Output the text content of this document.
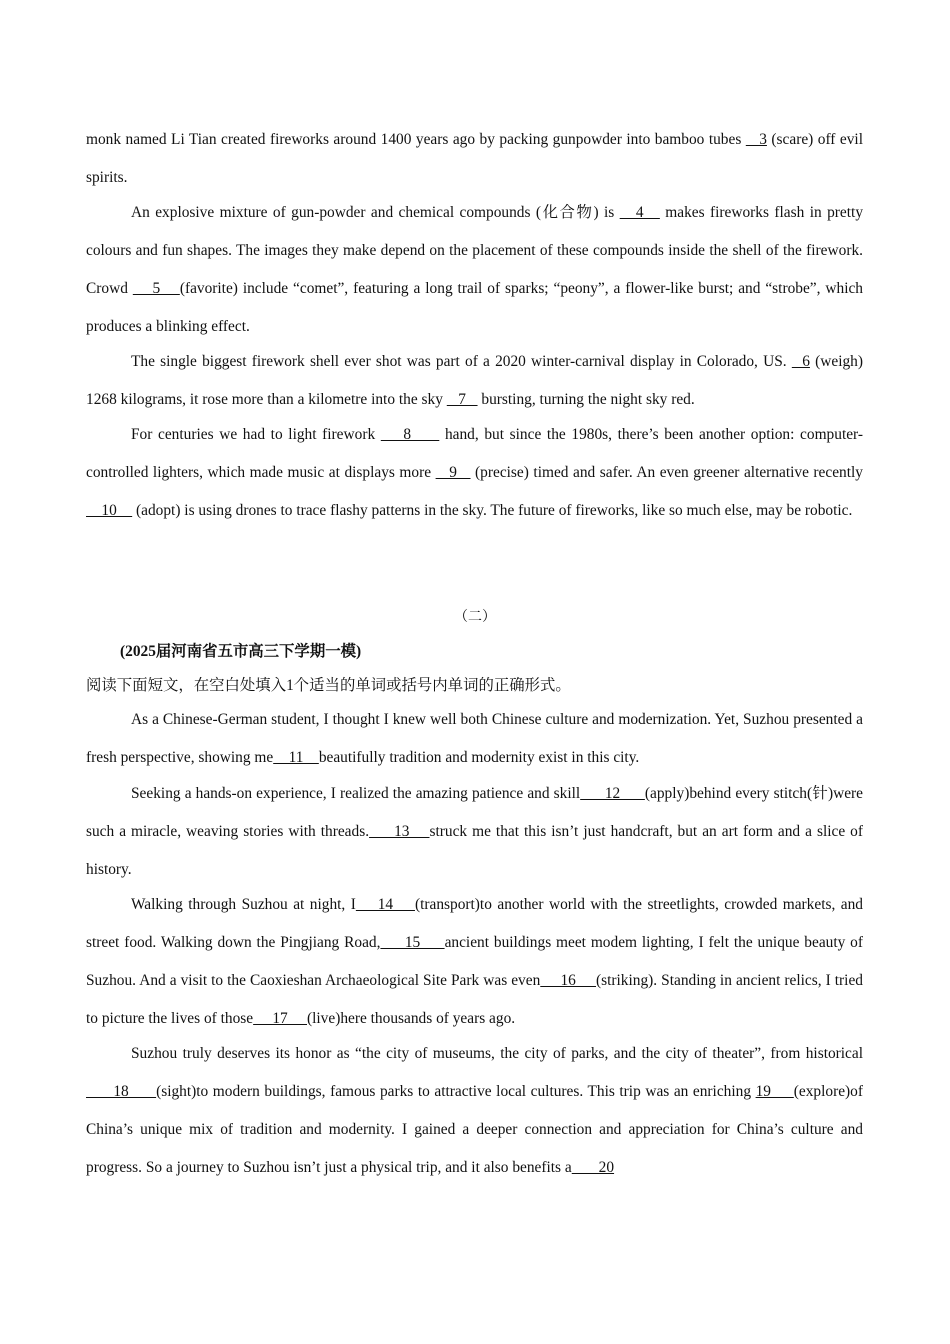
monk named Li Tian created fireworks around 1400 years ago by packing gunpowder into bamboo tubes    3 (scare) off evil spirits.

An explosive mixture of gun-powder and chemical compounds (化合物) is    4    makes fireworks flash in pretty colours and fun shapes. The images they make depend on the placement of these compounds inside the shell of the firework. Crowd     5    (favorite) include “comet”, featuring a long trail of sparks; “peony”, a flower-like burst; and “strobe”, which produces a blinking effect.

The single biggest firework shell ever shot was part of a 2020 winter-carnival display in Colorado, US.   6 (weigh) 1268 kilograms, it rose more than a kilometre into the sky    7    bursting, turning the night sky red.

For centuries we had to light firework     8      hand, but since the 1980s, there’s been another option: computer-controlled lighters, which made music at displays more    9    (precise) timed and safer. An even greener alternative recently     10     (adopt) is using drones to trace flashy patterns in the sky. The future of fireworks, like so much else, may be robotic.

（二）
(2025届河南省五市高三下学期一模)
阅读下面短文，在空白处填入1个适当的单词或括号内单词的正确形式。

As a Chinese-German student, I thought I knew well both Chinese culture and modernization. Yet, Suzhou presented a fresh perspective, showing me    11    beautifully tradition and modernity exist in this city.

Seeking a hands-on experience, I realized the amazing patience and skill      12      (apply)behind every stitch(针)were such a miracle, weaving stories with threads.     13    struck me that this isn’t just handcraft, but an art form and a slice of history.

Walking through Suzhou at night, I    14    (transport)to another world with the streetlights, crowded markets, and street food. Walking down the Pingjiang Road,     15     ancient buildings meet modem lighting, I felt the unique beauty of Suzhou. And a visit to the Caoxieshan Archaeological Site Park was even     16     (striking). Standing in ancient relics, I tried to picture the lives of those     17     (live)here thousands of years ago.

Suzhou truly deserves its honor as “the city of museums, the city of parks, and the city of theater”, from historical      18      (sight)to modern buildings, famous parks to attractive local cultures. This trip was an enriching 19     (explore)of China’s unique mix of tradition and modernity. I gained a deeper connection and appreciation for China’s culture and progress. So a journey to Suzhou isn’t just a physical trip, and it also benefits a       20
